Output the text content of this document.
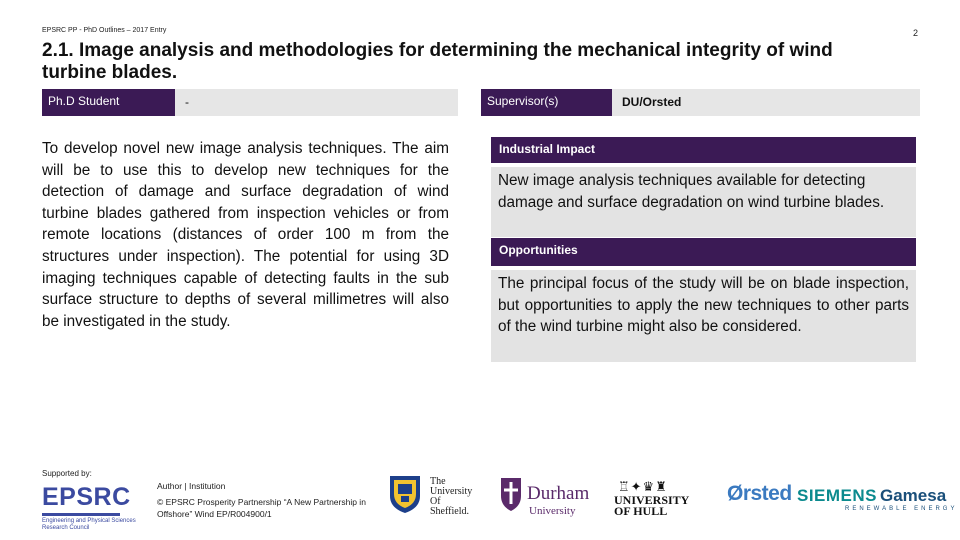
EPSRC PP - PhD Outlines – 2017 Entry	2
2.1. Image analysis and methodologies for determining the mechanical integrity of wind turbine blades.
Ph.D Student	-	Supervisor(s)	DU/Orsted
To develop novel new image analysis techniques. The aim will be to use this to develop new techniques for the detection of damage and surface degradation of wind turbine blades gathered from inspection vehicles or from remote locations (distances of order 100 m from the structures under inspection). The potential for using 3D imaging techniques capable of detecting faults in the sub surface structure to depths of several millimetres will also be investigated in the study.
Industrial Impact
New image analysis techniques available for detecting damage and surface degradation on wind turbine blades.
Opportunities
The principal focus of the study will be on blade inspection, but opportunities to apply the new techniques to other parts of the wind turbine might also be considered.
Supported by:
EPSRC
Engineering and Physical Sciences
Research Council
Author | Institution
© EPSRC Prosperity Partnership “A New Partnership in Offshore” Wind EP/R004900/1
The
University
Of
Sheffield.
Durham
University
♖✦♛♜
UNIVERSITY
OF HULL
Ørsted SIEMENS Gamesa
RENEWABLE ENERGY
